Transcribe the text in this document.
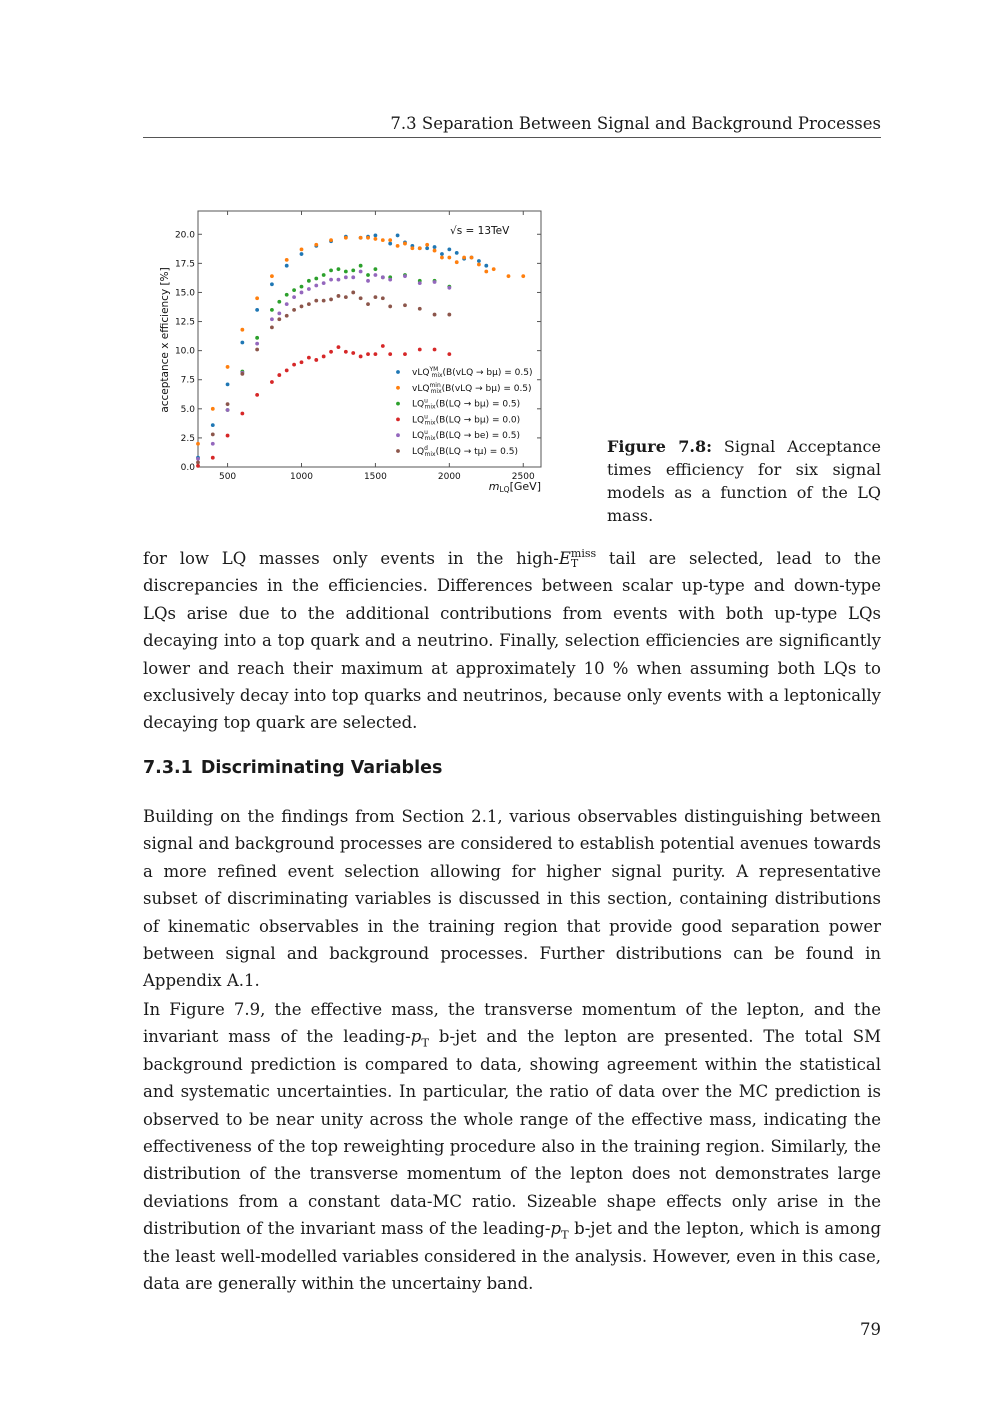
7.3 Separation Between Signal and Background Processes
500	1000	1500	2000	2500
0.0
2.5
5.0
7.5
10.0
12.5
15.0
17.5
20.0	√s = 13TeV
acceptance x efficiency [%]
mLQ[GeV]
vLQ$^{YM}$ mix(B(vLQ → bμ) = 0.5)
vLQ$^{min}$ mix(B(vLQ → bμ) = 0.5)
$LQ^u$ mix(B(LQ → bμ) = 0.5)
$LQ^u$ mix(B(LQ → bμ) = 0.0)
$LQ^u$ mix(B(LQ → be) = 0.5)
$LQ^d$ mix(B(LQ → tμ) = 0.5)	Figure 7.8: Signal Acceptance times efficiency for six signal models as a function of the LQ mass.
for low LQ masses only events in the high-E miss
T	tail are selected, lead to the discrepancies in the efficiencies. Differences between scalar up-type and down-type LQs arise due to the additional contributions from events with both up-type LQs decaying into a top quark and a neutrino. Finally, selection efficiencies are significantly lower and reach their maximum at approximately 10 % when assuming both LQs to exclusively decay into top quarks and neutrinos, because only events with a leptonically decaying top quark are selected.
7.3.1 Discriminating Variables
Building on the findings from Section 2.1, various observables distinguishing between signal and background processes are considered to establish potential avenues towards a more refined event selection allowing for higher signal purity. A representative subset of discriminating variables is discussed in this section, containing distributions of kinematic observables in the training region that provide good separation power between signal and background processes. Further distributions can be found in Appendix A.1.
In Figure 7.9, the effective mass, the transverse momentum of the lepton, and the invariant mass of the leading-$p_T$ b-jet and the lepton are presented. The total SM background prediction is compared to data, showing agreement within the statistical and systematic uncertainties. In particular, the ratio of data over the MC prediction is observed to be near unity across the whole range of the effective mass, indicating the effectiveness of the top reweighting procedure also in the training region. Similarly, the distribution of the transverse momentum of the lepton does not demonstrates large deviations from a constant data-MC ratio. Sizeable shape effects only arise in the distribution of the invariant mass of the leading-$p_T$ b-jet and the lepton, which is among the least well-modelled variables considered in the analysis. However, even in this case, data are generally within the uncertainy band.
79
